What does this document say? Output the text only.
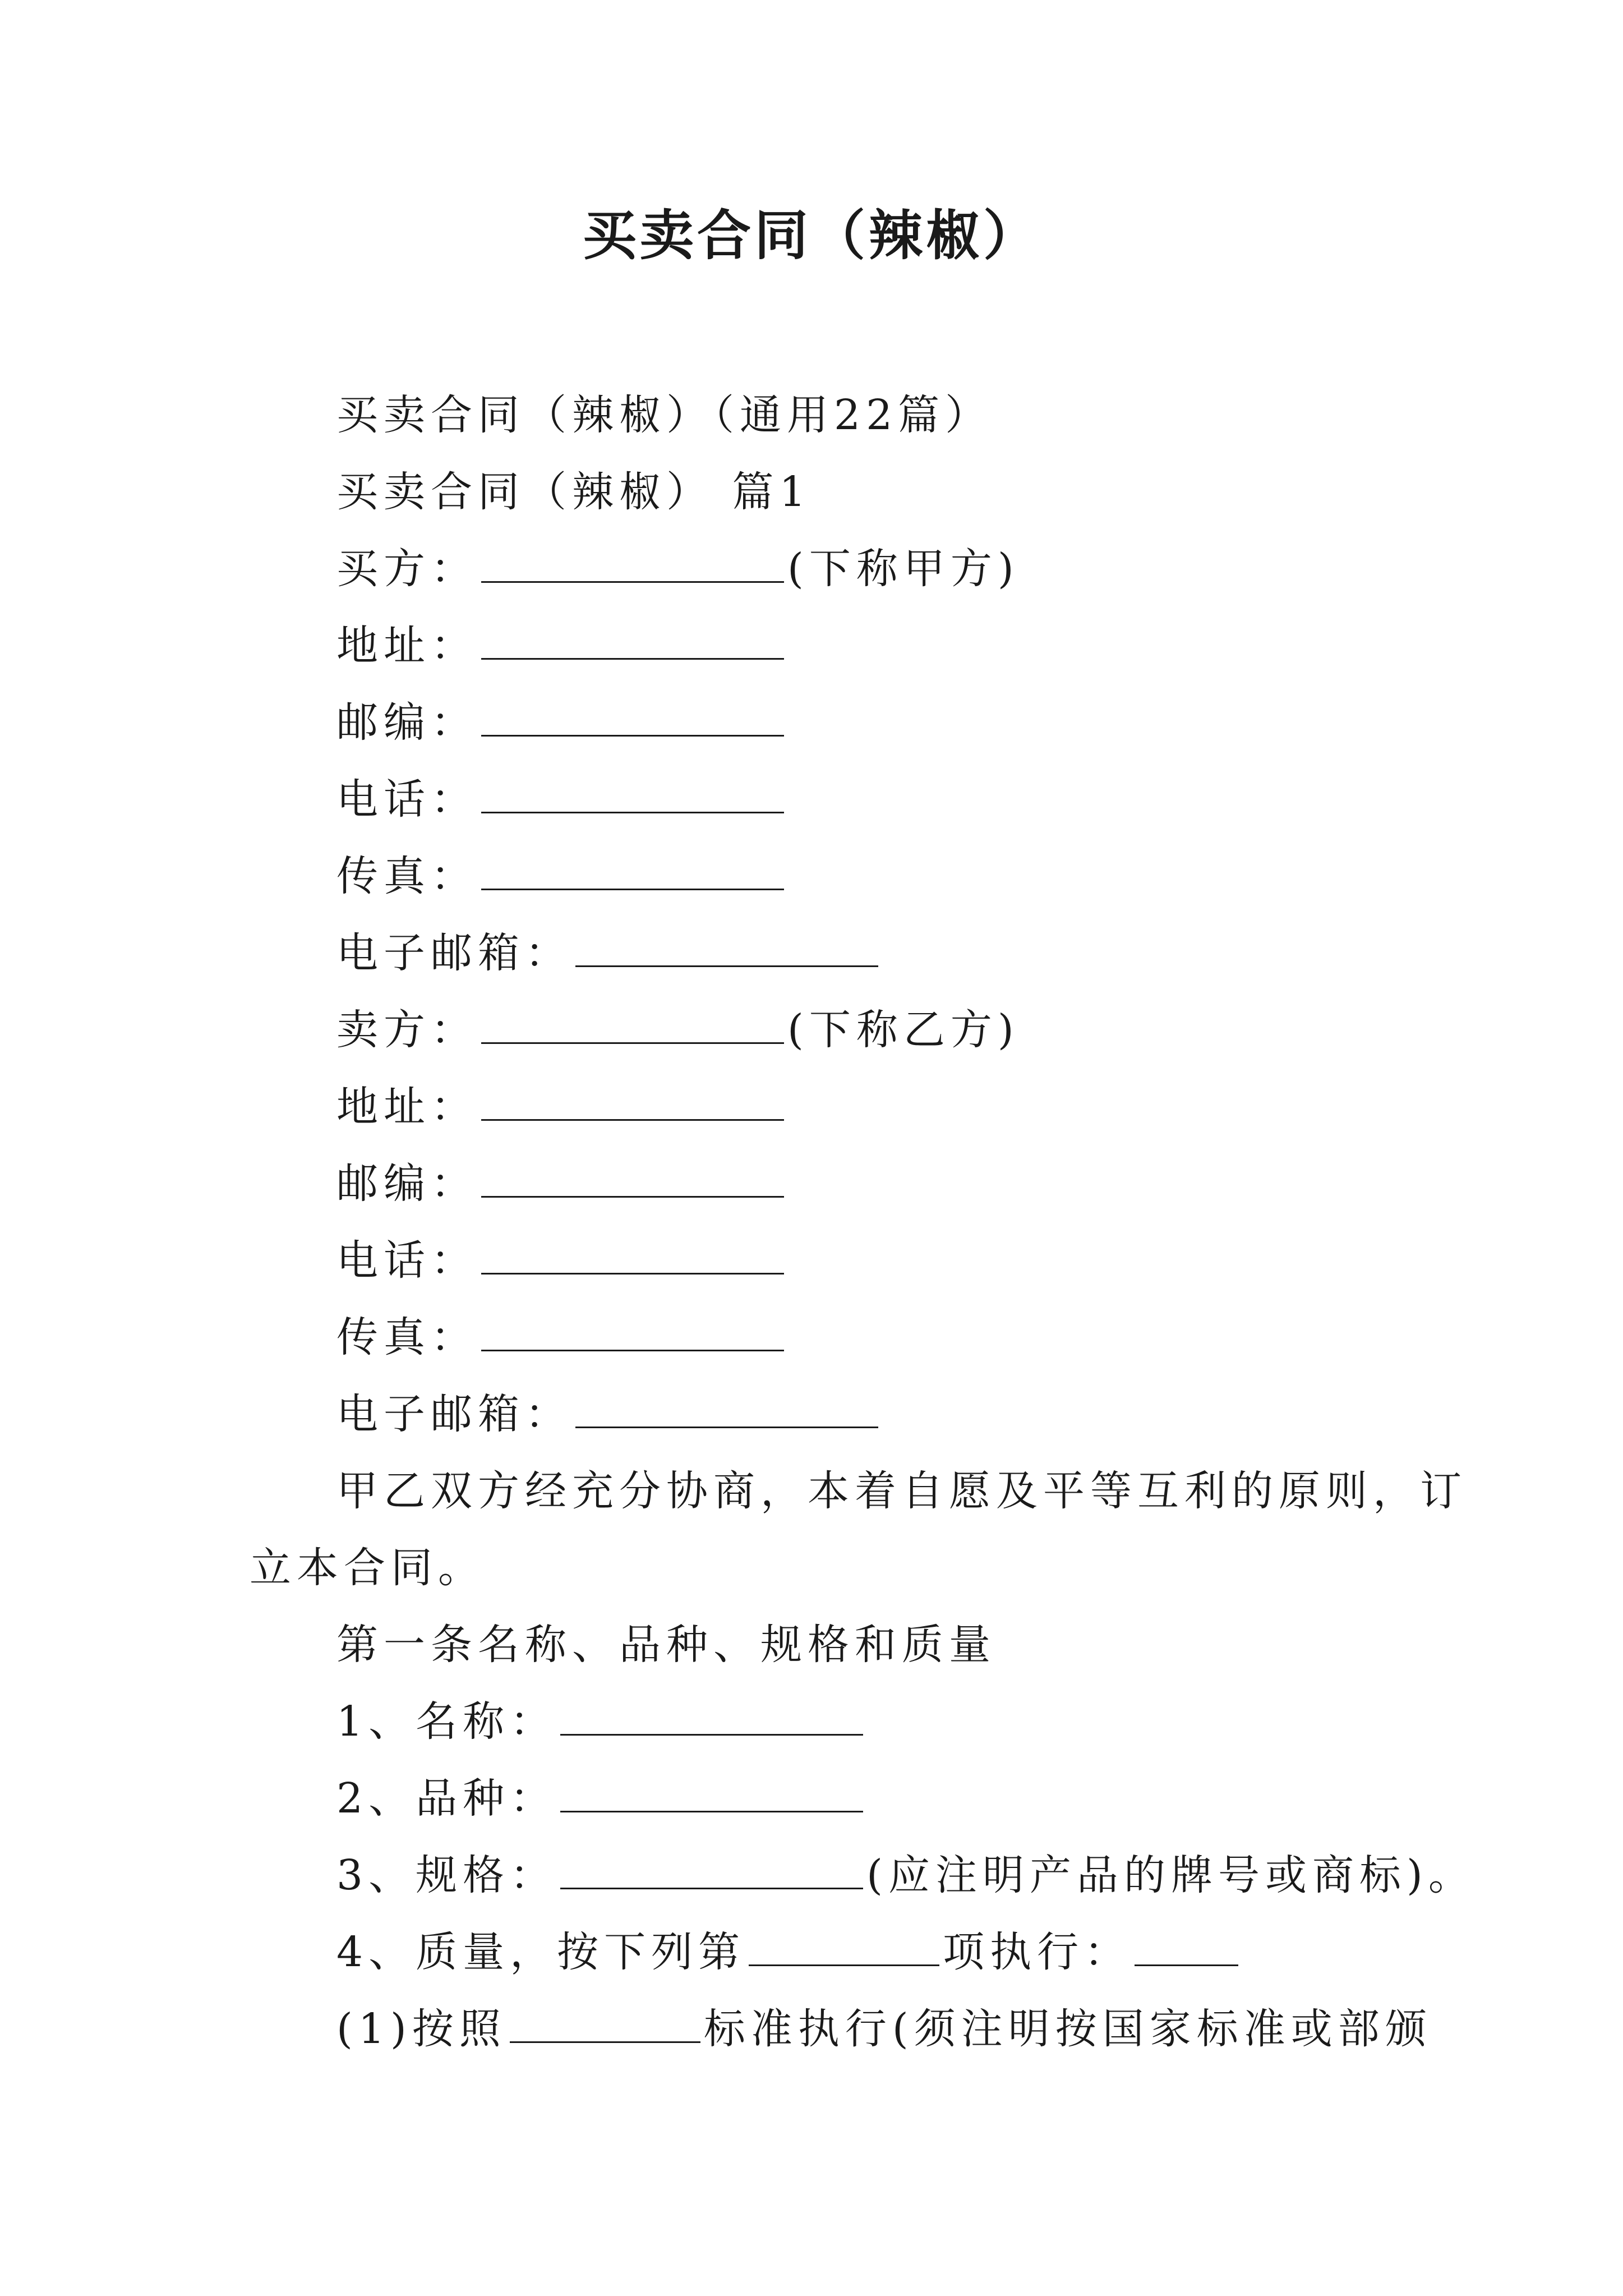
买卖合同（辣椒）
买卖合同（辣椒）（通用22篇）
买卖合同（辣椒） 篇1
买方：	(下称甲方)
地址：
邮编：
电话：
传真：
电子邮箱：
卖方：	(下称乙方)
地址：
邮编：
电话：
传真：
电子邮箱：
甲乙双方经充分协商，本着自愿及平等互利的原则，订
立本合同。
第一条名称、品种、规格和质量
1、名称：
2、品种：
3、规格：	(应注明产品的牌号或商标)。
4、质量，按下列第	项执行：
(1)按照	标准执行(须注明按国家标准或部颁
